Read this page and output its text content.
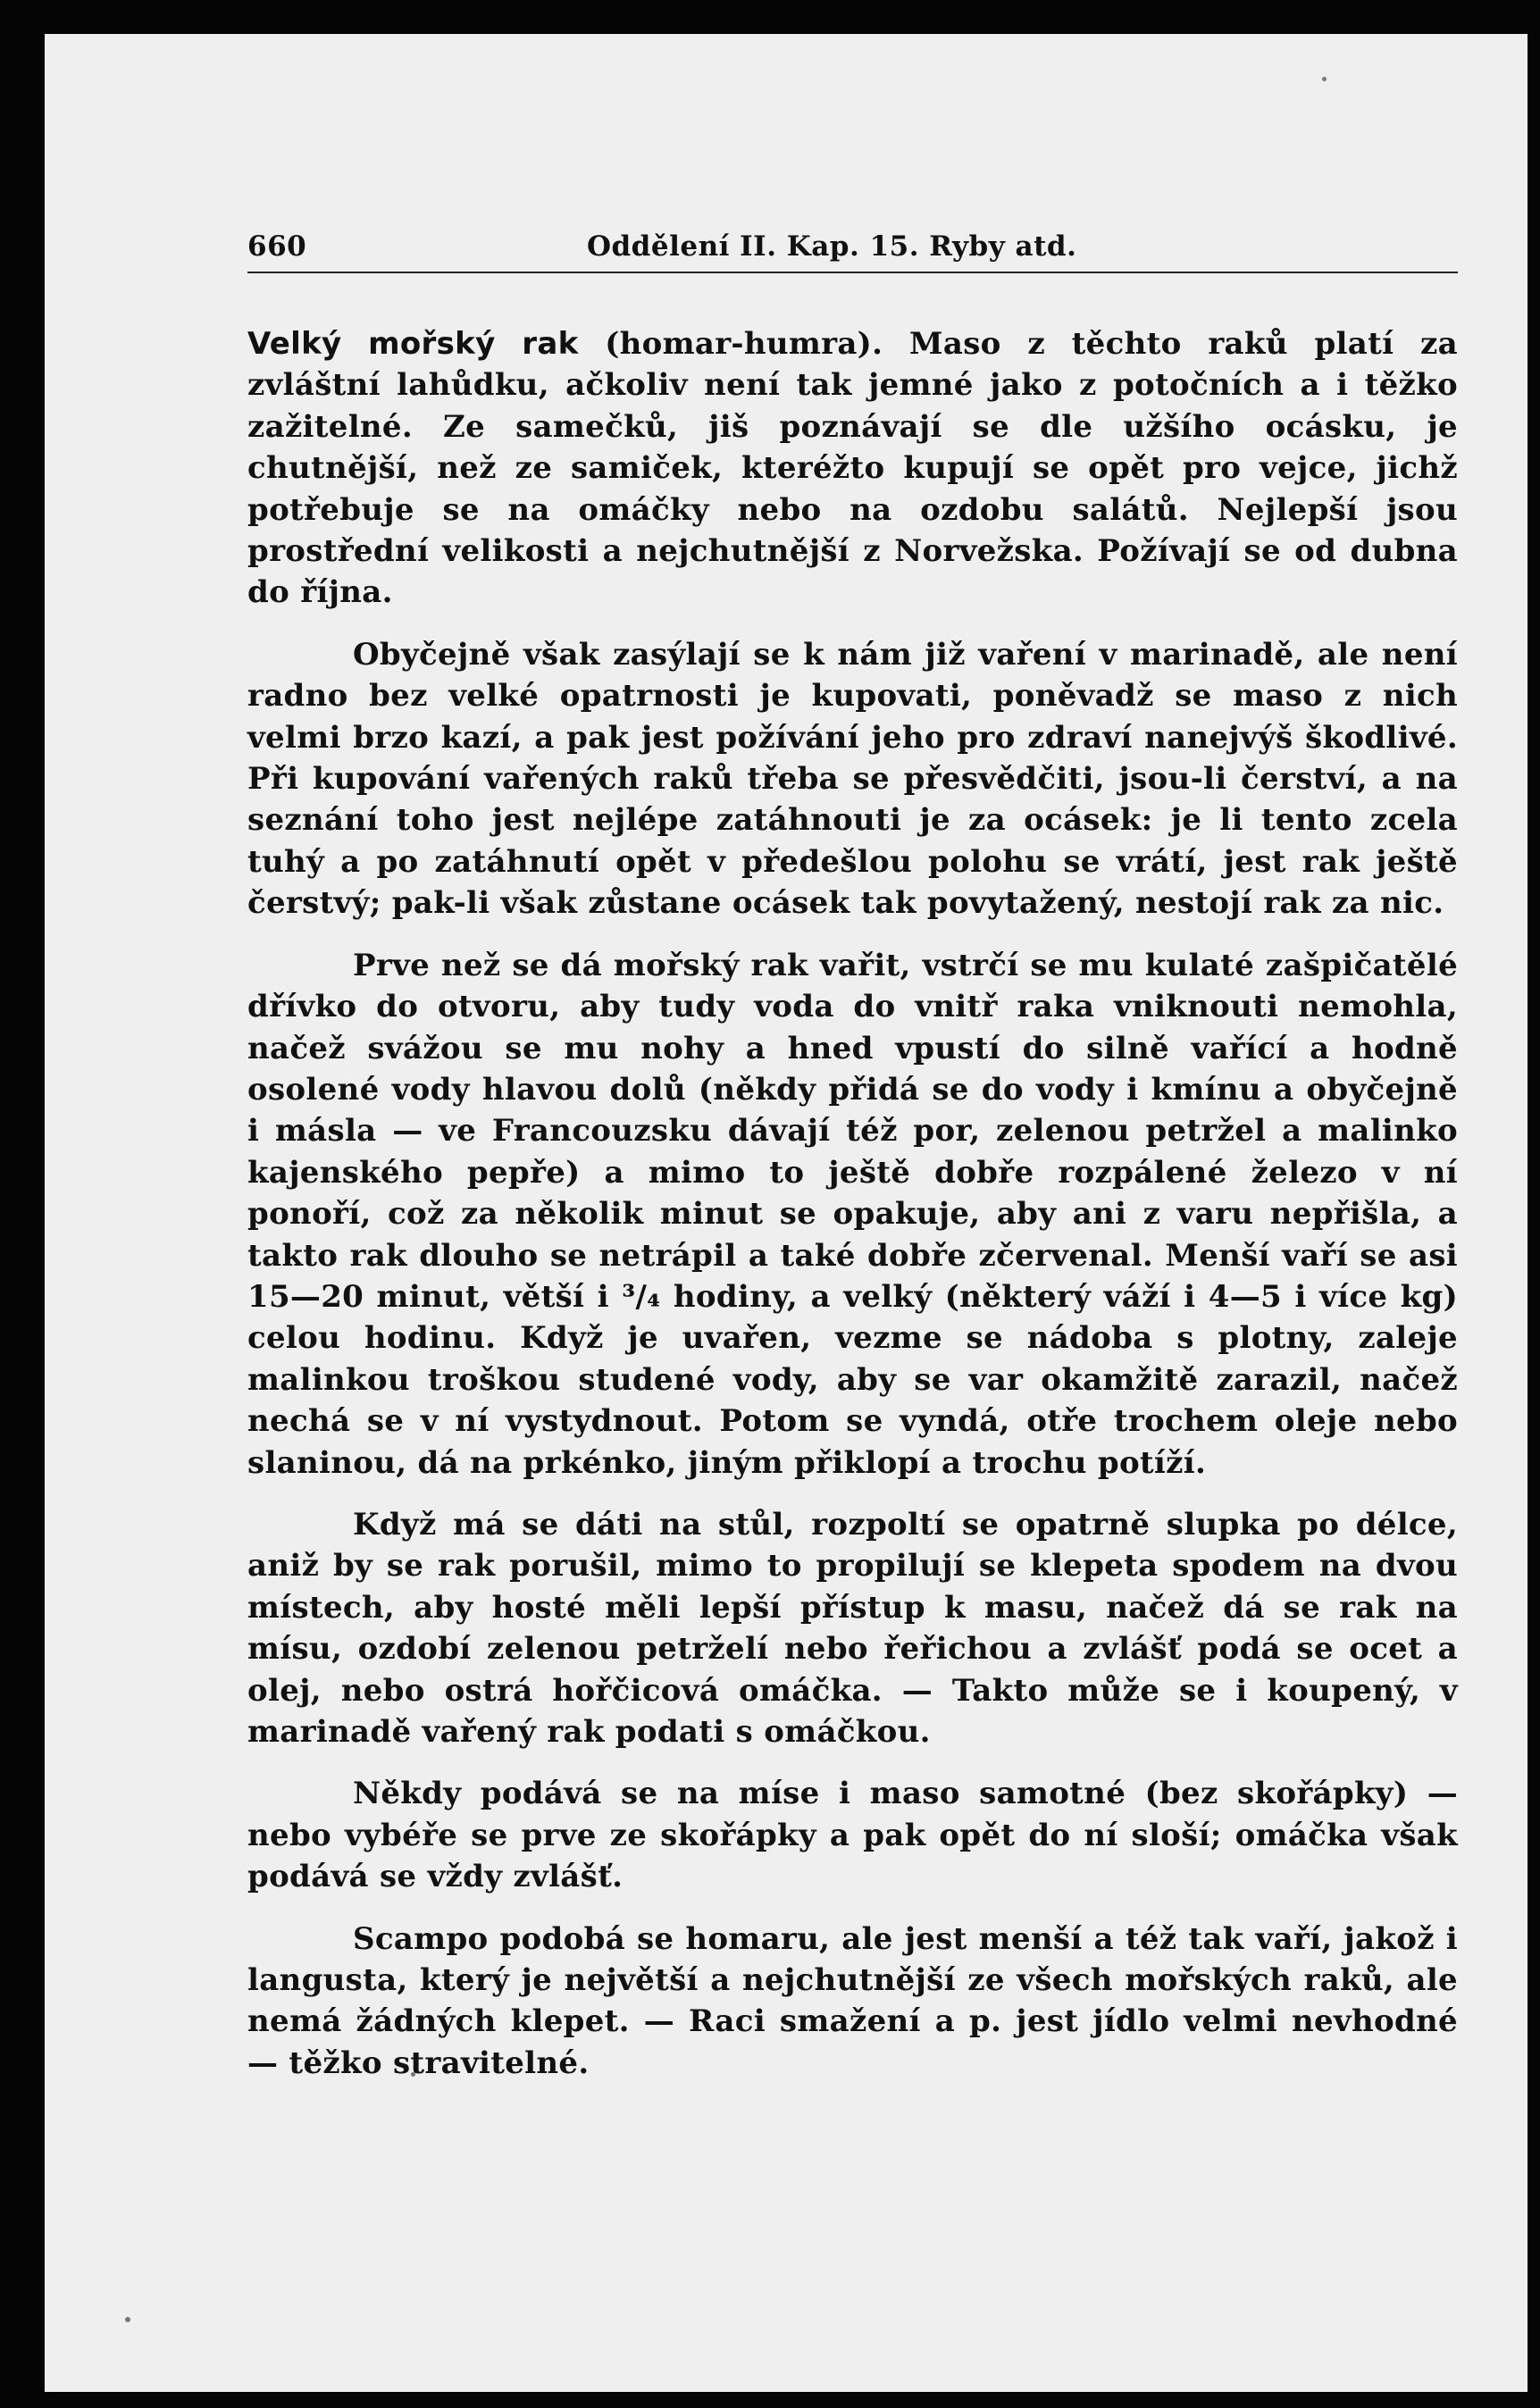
660	Oddělení II. Kap. 15. Ryby atd.

Velký mořský rak (homar-humra). Maso z těchto raků platí za zvláštní lahůdku, ačkoliv není tak jemné jako z potočních a i těžko zažitelné. Ze samečků, jiš poznávají se dle užšího ocásku, je chutnější, než ze samiček, kteréžto kupují se opět pro vejce, jichž potřebuje se na omáčky nebo na ozdobu salátů. Nejlepší jsou prostřední velikosti a nejchutnější z Norvežska. Požívají se od dubna do října.

Obyčejně však zasýlají se k nám již vaření v marinadě, ale není radno bez velké opatrnosti je kupovati, poněvadž se maso z nich velmi brzo kazí, a pak jest požívání jeho pro zdraví nanejvýš škodlivé. Při kupování vařených raků třeba se přesvědčiti, jsou-li čerství, a na seznání toho jest nejlépe zatáhnouti je za ocásek: je li tento zcela tuhý a po zatáhnutí opět v předešlou polohu se vrátí, jest rak ještě čerstvý; pak-li však zůstane ocásek tak povytažený, nestojí rak za nic.

Prve než se dá mořský rak vařit, vstrčí se mu kulaté zašpičatělé dřívko do otvoru, aby tudy voda do vnitř raka vniknouti nemohla, načež svážou se mu nohy a hned vpustí do silně vařící a hodně osolené vody hlavou dolů (někdy přidá se do vody i kmínu a obyčejně i másla — ve Francouzsku dávají též por, zelenou petržel a malinko kajenského pepře) a mimo to ještě dobře rozpálené železo v ní ponoří, což za několik minut se opakuje, aby ani z varu nepřišla, a takto rak dlouho se netrápil a také dobře zčervenal. Menší vaří se asi 15—20 minut, větší i ³/₄ hodiny, a velký (některý váží i 4—5 i více kg) celou hodinu. Když je uvařen, vezme se nádoba s plotny, zaleje malinkou troškou studené vody, aby se var okamžitě zarazil, načež nechá se v ní vystydnout. Potom se vyndá, otře trochem oleje nebo slaninou, dá na prkénko, jiným přiklopí a trochu potíží.

Když má se dáti na stůl, rozpoltí se opatrně slupka po délce, aniž by se rak porušil, mimo to propilují se klepeta spodem na dvou místech, aby hosté měli lepší přístup k masu, načež dá se rak na mísu, ozdobí zelenou petrželí nebo řeřichou a zvlášť podá se ocet a olej, nebo ostrá hořčicová omáčka. — Takto může se i koupený, v marinadě vařený rak podati s omáčkou.

Někdy podává se na míse i maso samotné (bez skořápky) — nebo vybéře se prve ze skořápky a pak opět do ní sloší; omáčka však podává se vždy zvlášť.

Scampo podobá se homaru, ale jest menší a též tak vaří, jakož i langusta, který je největší a nejchutnější ze všech mořských raků, ale nemá žádných klepet. — Raci smažení a p. jest jídlo velmi nevhodné — těžko stravitelné.
